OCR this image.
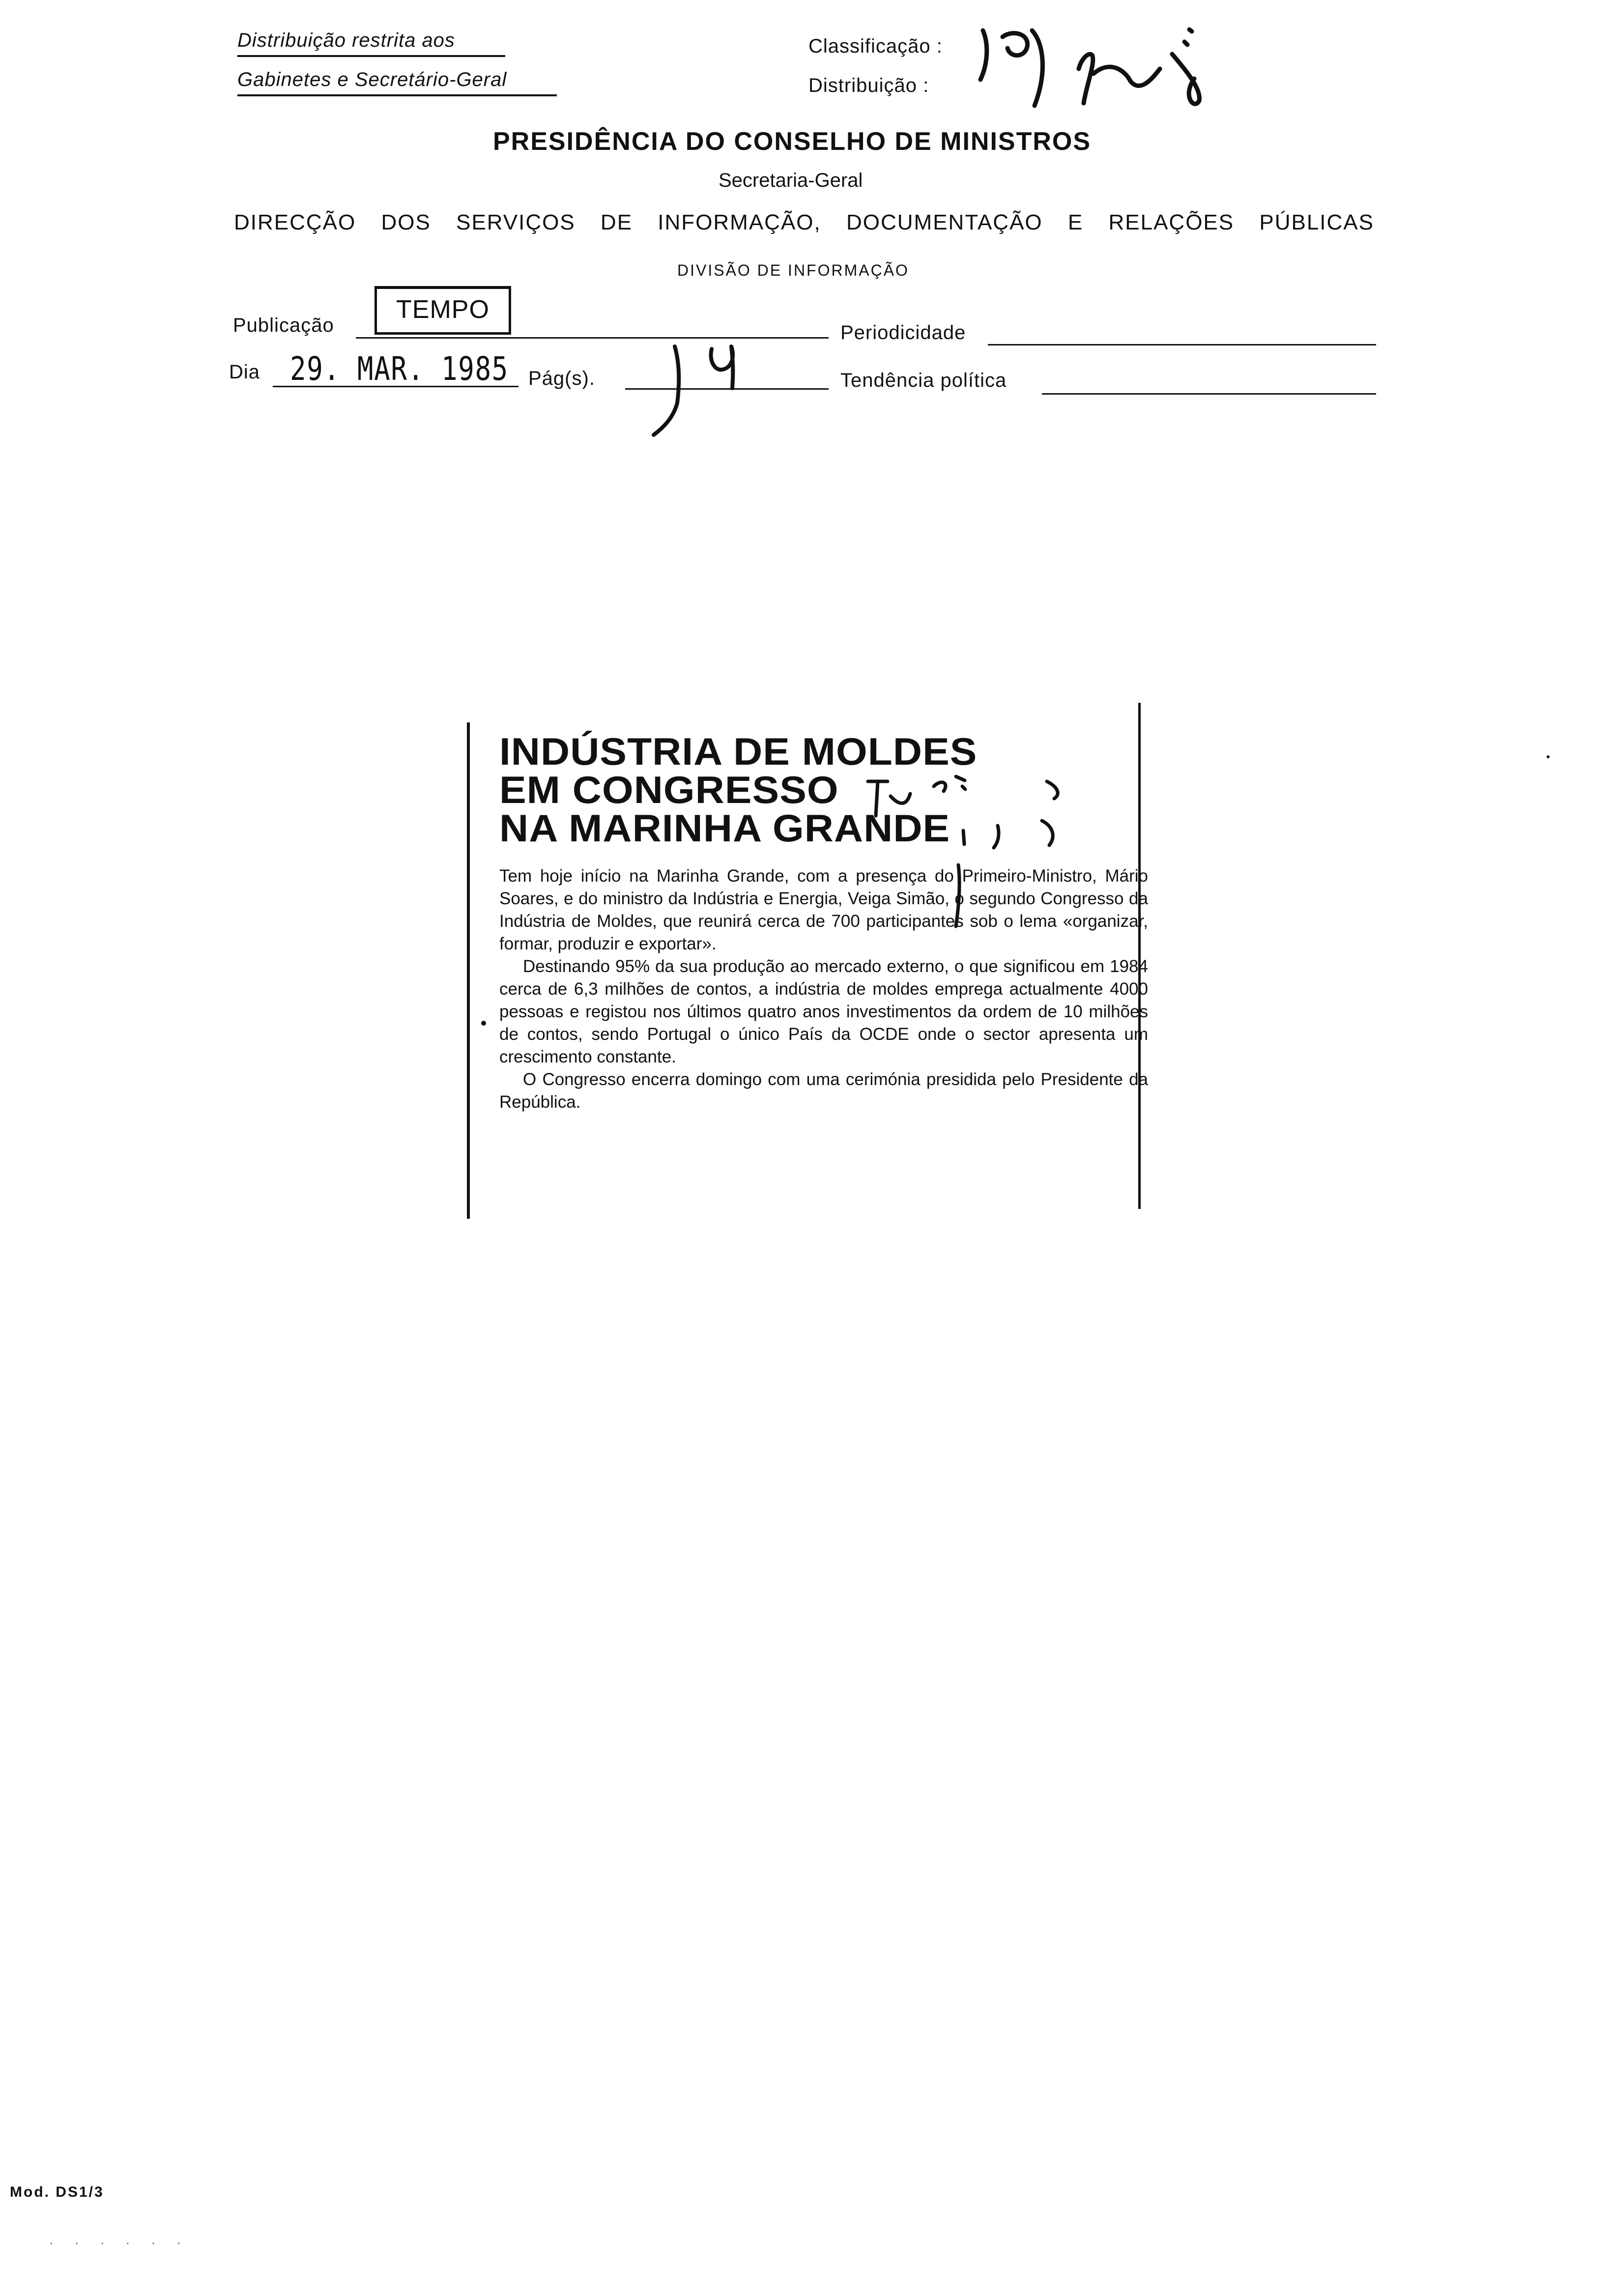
Distribuição restrita aos
Gabinetes e Secretário-Geral
Classificação :
Distribuição :
PRESIDÊNCIA DO CONSELHO DE MINISTROS
Secretaria-Geral
DIRECÇÃO DOS SERVIÇOS DE INFORMAÇÃO, DOCUMENTAÇÃO E RELAÇÕES PÚBLICAS
DIVISÃO DE INFORMAÇÃO
Publicação
TEMPO
Periodicidade
Dia 29. MAR. 1985 Pág(s).	Tendência política
INDÚSTRIA DE MOLDES
EM CONGRESSO
NA MARINHA GRANDE

Tem hoje início na Marinha Grande, com a presença do Primeiro-Ministro, Mário Soares, e do ministro da Indústria e Energia, Veiga Simão, o segundo Congresso da Indústria de Moldes, que reunirá cerca de 700 participantes sob o lema «organizar, formar, produzir e exportar».

Destinando 95% da sua produção ao mercado externo, o que significou em 1984 cerca de 6,3 milhões de contos, a indústria de moldes emprega actualmente 4000 pessoas e registou nos últimos quatro anos investimentos da ordem de 10 milhões de contos, sendo Portugal o único País da OCDE onde o sector apresenta um crescimento constante.

O Congresso encerra domingo com uma cerimónia presidida pelo Presidente da República.

Mod. DS1/3
· · · · · ·
